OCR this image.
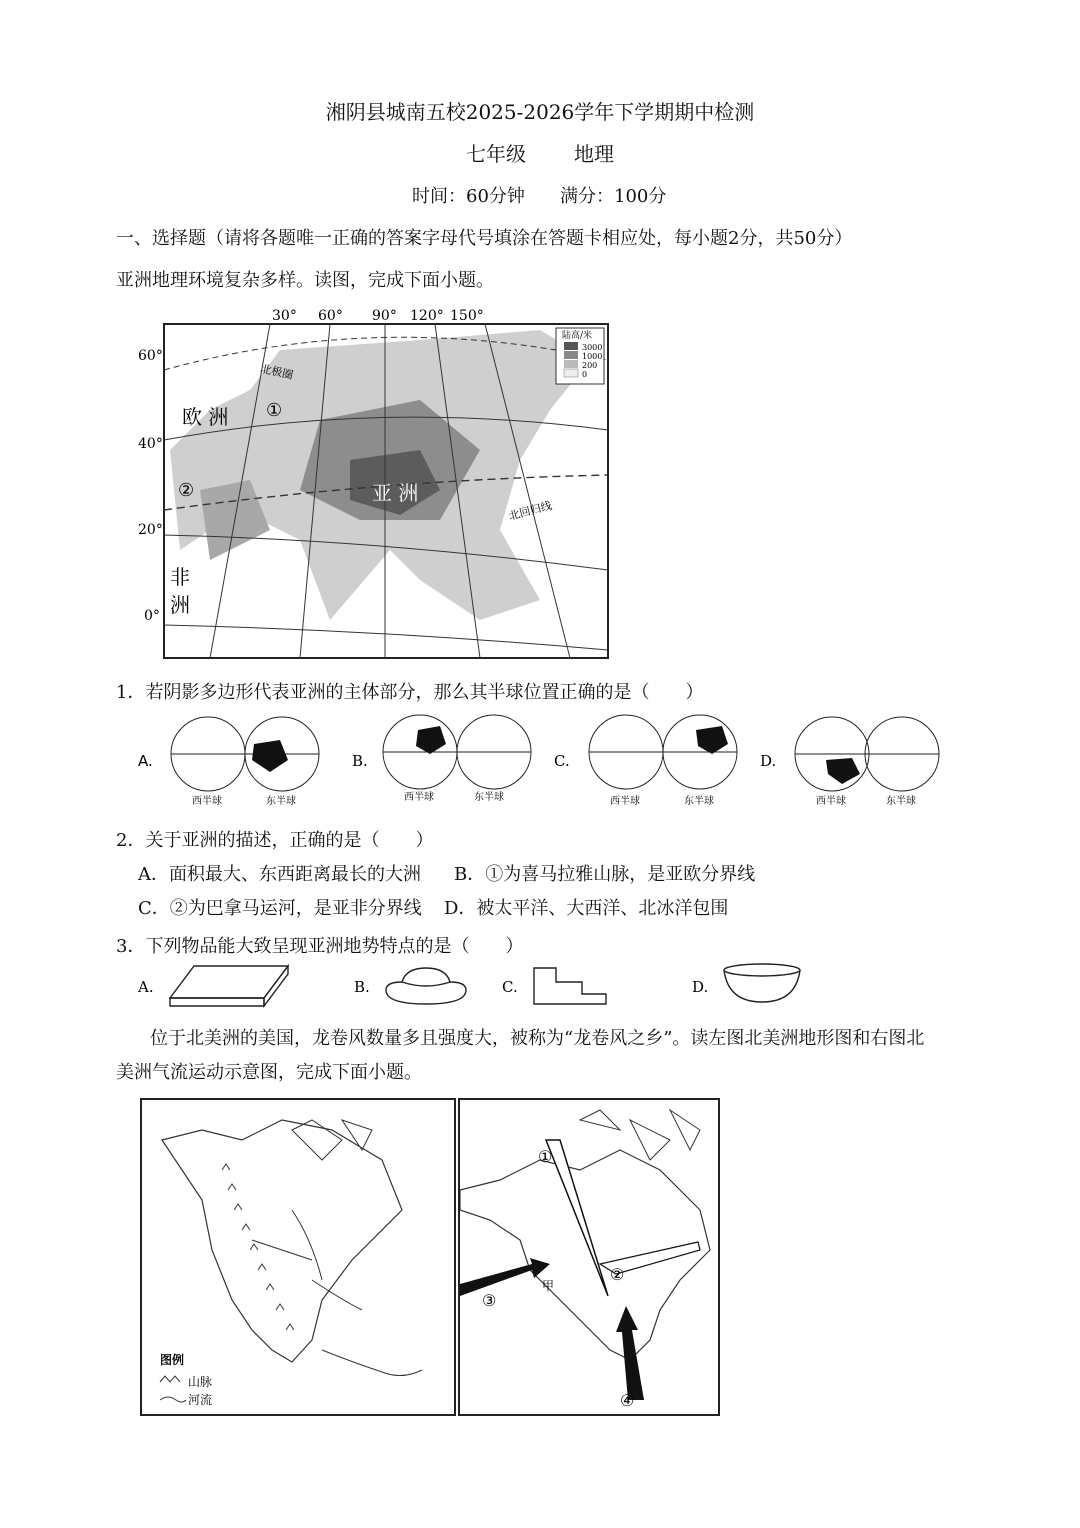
湘阴县城南五校2025-2026学年下学期期中检测
七年级 地理
时间：60分钟 满分：100分
一、选择题（请将各题唯一正确的答案字母代号填涂在答题卡相应处，每小题2分，共50分）
亚洲地理环境复杂多样。读图，完成下面小题。
30° 60° 90° 120° 150°
60°
40°
20°
0°
欧 洲
亚 洲
非
洲
北极圈
北回归线
①
②
陆高/米
3000
1000
200
0
1．若阴影多边形代表亚洲的主体部分，那么其半球位置正确的是（　　）
A.
西半球	东半球
B.
西半球	东半球
C.
西半球	东半球
D.
西半球	东半球
2．关于亚洲的描述，正确的是（　　）
A．面积最大、东西距离最长的大洲 B．①为喜马拉雅山脉，是亚欧分界线
C．②为巴拿马运河，是亚非分界线 D．被太平洋、大西洋、北冰洋包围
3．下列物品能大致呈现亚洲地势特点的是（　　）
A.	B.	C.	D.
位于北美洲的美国，龙卷风数量多且强度大，被称为“龙卷风之乡”。读左图北美洲地形图和右图北
美洲气流运动示意图，完成下面小题。
图例
山脉
河流
①
②
③
④
甲
